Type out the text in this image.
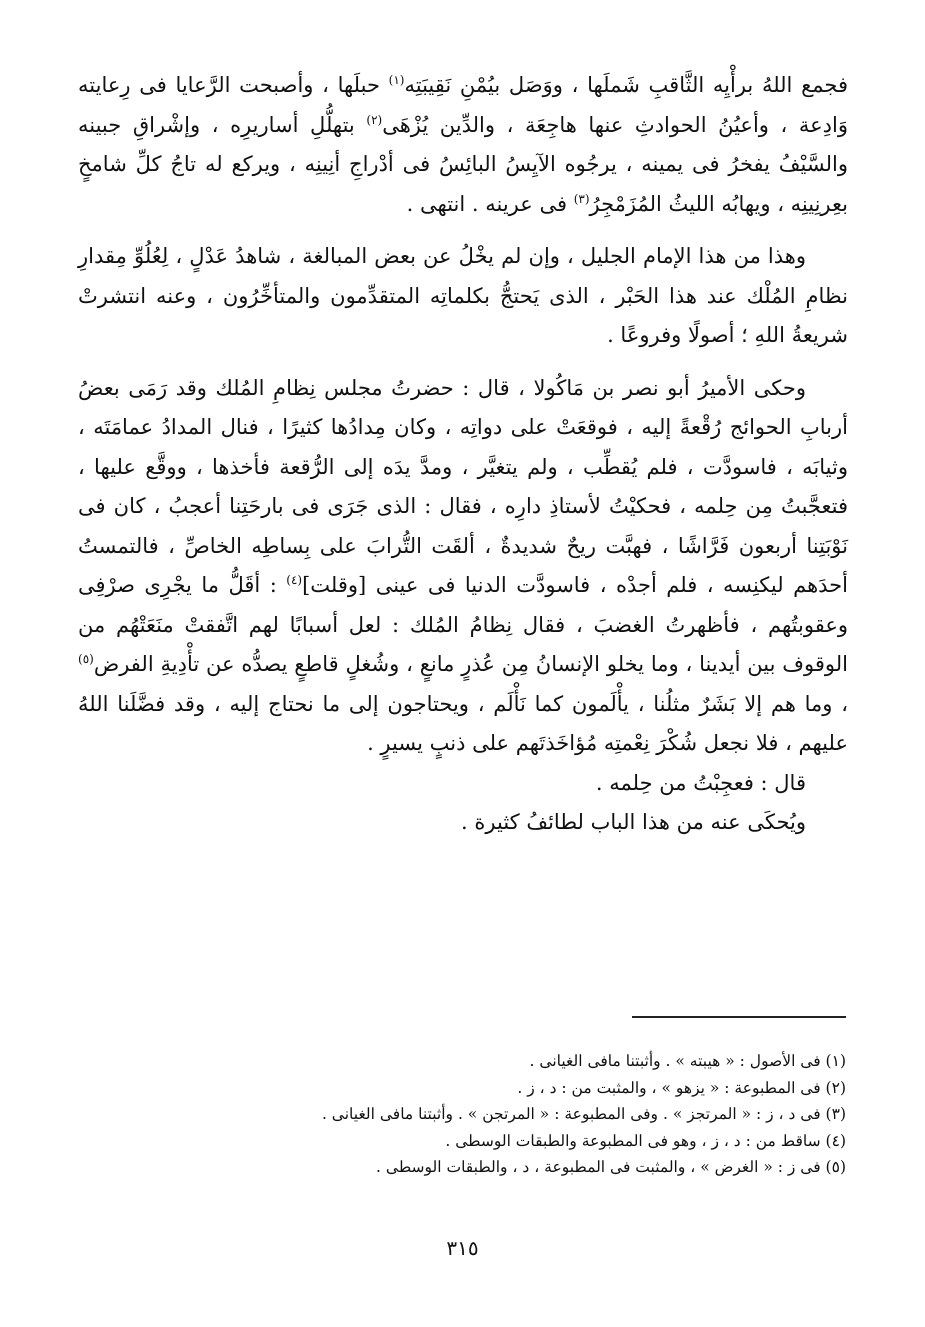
فجمع اللهُ برأْيِه الثَّاقبِ شَملَها ، ووَصَل بيُمْنِ نَقِيبَتِه$^{(١)}$ حبلَها ، وأصبحت الرَّعايا فى رِعايته وَادِعة ، وأعيُنُ الحوادثِ عنها هاجِعَة ، والدِّين يُزْهَى$^{(٢)}$ بتهلُّلِ أساريرِه ، وإشْراقِ جبينه والسَّيْفُ يفخرُ فى يمينه ، يرجُوه الآيِسُ البائِسُ فى أدْراجِ أنِينِه ، ويركع له تاجُ كلِّ شامخٍ بعِرنِينِه ، ويهابُه الليثُ المُزَمْجِرُ$^{(٣)}$ فى عرينه . انتهى .

وهذا من هذا الإمام الجليل ، وإن لم يخْلُ عن بعض المبالغة ، شاهدُ عَدْلٍ ، لِعُلُوِّ مِقدارِ نظامِ المُلْك عند هذا الحَبْر ، الذى يَحتجُّ بكلماتِه المتقدِّمون والمتأخِّرُون ، وعنه انتشرتْ شريعةُ اللهِ ؛ أصولًا وفروعًا .

وحكى الأميرُ أبو نصر بن مَاكُولا ، قال : حضرتُ مجلس نِظامِ المُلك وقد رَمَى بعضُ أربابِ الحوائج رُقْعةً إليه ، فوقعَتْ على دواتِه ، وكان مِدادُها كثيرًا ، فنال المدادُ عمامَتَه ، وثيابَه ، فاسودَّت ، فلم يُقطِّب ، ولم يتغيَّر ، ومدَّ يدَه إلى الرُّقعة فأخذها ، ووقَّع عليها ، فتعجَّبتُ مِن حِلمه ، فحكيْتُ لأستاذِ دارِه ، فقال : الذى جَرَى فى بارحَتِنا أعجبُ ، كان فى نَوْبَتِنا أربعون فَرَّاشًا ، فهبَّت ريحٌ شديدةٌ ، ألقَت التُّرابَ على بِساطِه الخاصِّ ، فالتمستُ أحدَهم ليكنِسه ، فلم أجدْه ، فاسودَّت الدنيا فى عينى [وقلت]$^{(٤)}$ : أقَلُّ ما يجْرِى صرْفِى وعقوبتُهم ، فأظهرتُ الغضبَ ، فقال نِظامُ المُلك : لعل أسبابًا لهم اتَّفقتْ منَعَتْهُم من الوقوف بين أيدينا ، وما يخلو الإنسانُ مِن عُذرٍ مانعٍ ، وشُغلٍ قاطعٍ يصدُّه عن تأْدِيةِ الفرض$^{(٥)}$ ، وما هم إلا بَشَرٌ مثلُنا ، يأْلَمون كما نَأْلَم ، ويحتاجون إلى ما نحتاج إليه ، وقد فضَّلَنا اللهُ عليهم ، فلا نجعل شُكْرَ نِعْمتِه مُؤاخَذتَهم على ذنبٍ يسيرٍ .

قال : فعجِبْتُ من حِلمه .

ويُحكَى عنه من هذا الباب لطائفُ كثيرة .

(١) فى الأصول : « هيبته » . وأثبتنا مافى الغيانى .
(٢) فى المطبوعة : « يزهو » ، والمثبت من : د ، ز .
(٣) فى د ، ز : « المرتجز » . وفى المطبوعة : « المرتجن » . وأثبتنا مافى الغيانى .
(٤) ساقط من : د ، ز ، وهو فى المطبوعة والطبقات الوسطى .
(٥) فى ز : « الغرض » ، والمثبت فى المطبوعة ، د ، والطبقات الوسطى .
٣١٥
